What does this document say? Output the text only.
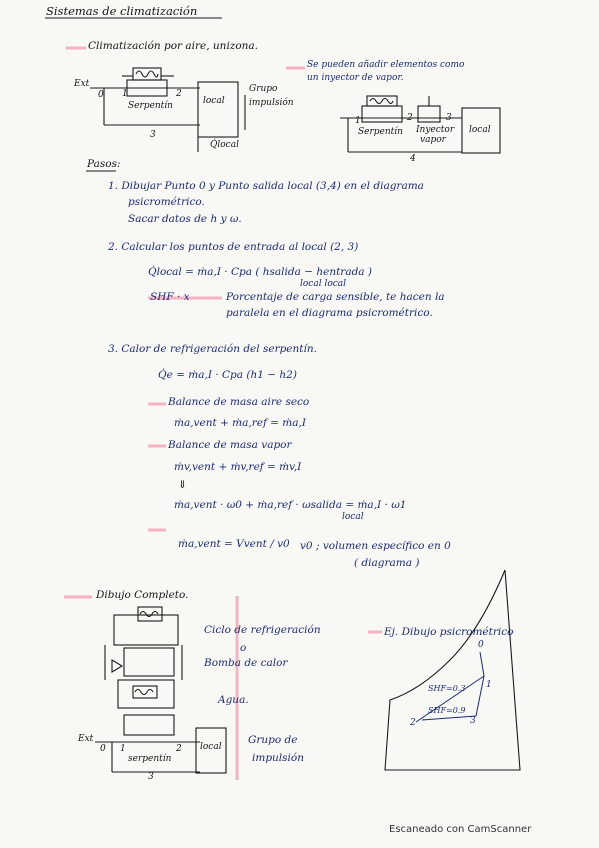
Sistemas de climatización
Climatización por aire, unizona.
Se pueden añadir elementos como
un inyector de vapor.
Ext
0 1	2
3
Serpentín	local
Grupo
impulsión
Q̇local
1	2	3
4
Serpentín Inyector
vapor
local
Pasos:
1. Dibujar Punto 0 y Punto salida local (3,4) en el diagrama
psicrométrico.
Sacar datos de h y ω.
2. Calcular los puntos de entrada al local (2, 3)
Q̇local = ṁa,I · Cpa ( hsalida − hentrada )
local local
SHF · x	Porcentaje de carga sensible, te hacen la
paralela en el diagrama psicrométrico.
3. Calor de refrigeración del serpentín.
Q̇e = ṁa,I · Cpa (h1 − h2)
Balance de masa aire seco
ṁa,vent + ṁa,ref = ṁa,I
Balance de masa vapor
ṁv,vent + ṁv,ref = ṁv,I
⇓
ṁa,vent · ω0 + ṁa,ref · ωsalida = ṁa,I · ω1
local
ṁa,vent = Vvent / v0 v0 ; volumen específico en 0
( diagrama )
Dibujo Completo.
Ciclo de refrigeración
o
Bomba de calor
Agua.
Ext
0 1	2
3
serpentín
local
Grupo de
impulsión
Ej. Dibujo psicrométrico
0
1
2	3
SHF=0.3
SHF=0.9
Escaneado con CamScanner
